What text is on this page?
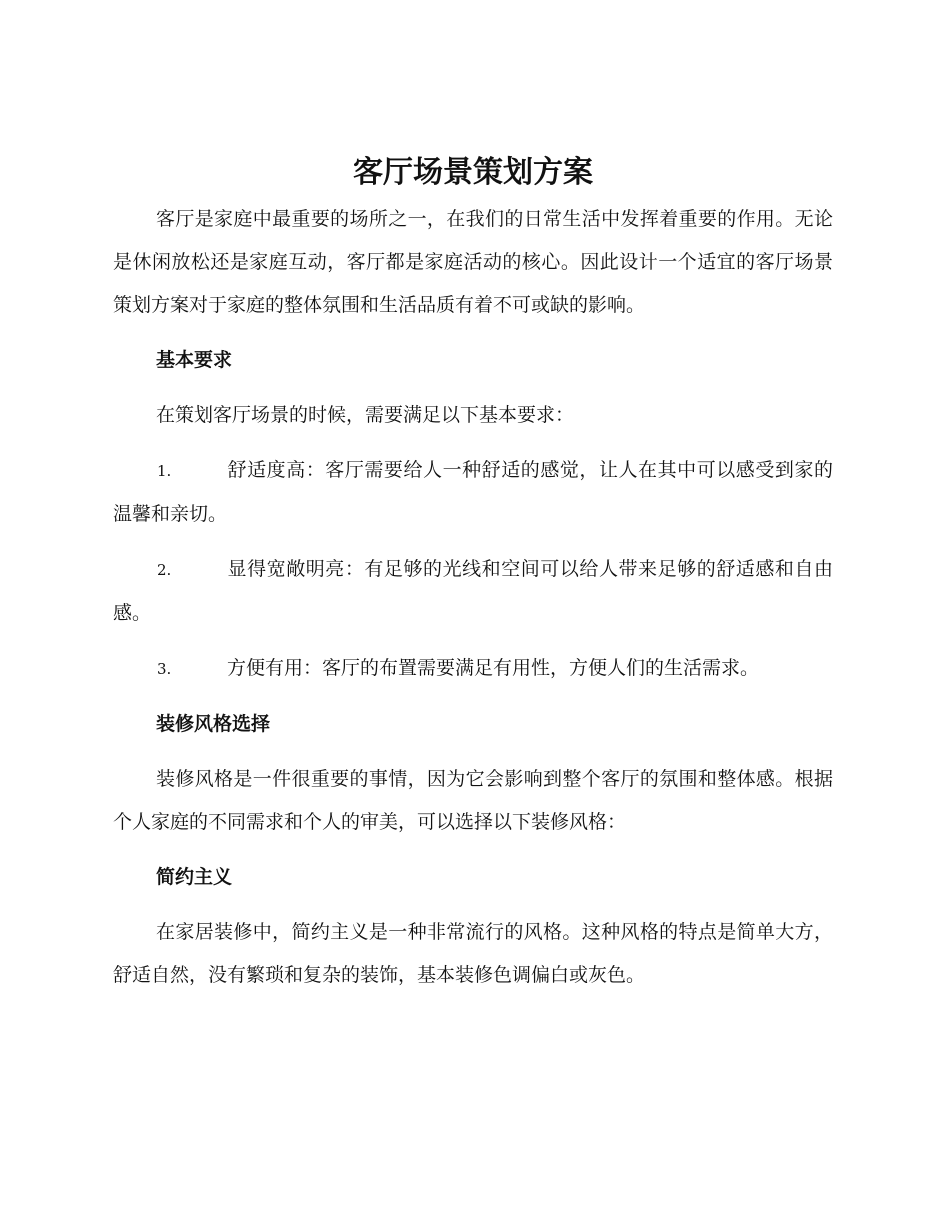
客厅场景策划方案

客厅是家庭中最重要的场所之一，在我们的日常生活中发挥着重要的作用。无论是休闲放松还是家庭互动，客厅都是家庭活动的核心。因此设计一个适宜的客厅场景策划方案对于家庭的整体氛围和生活品质有着不可或缺的影响。

基本要求

在策划客厅场景的时候，需要满足以下基本要求：

1.	舒适度高：客厅需要给人一种舒适的感觉，让人在其中可以感受到家的温馨和亲切。

2.	显得宽敞明亮：有足够的光线和空间可以给人带来足够的舒适感和自由感。

3.	方便有用：客厅的布置需要满足有用性，方便人们的生活需求。

装修风格选择

装修风格是一件很重要的事情，因为它会影响到整个客厅的氛围和整体感。根据个人家庭的不同需求和个人的审美，可以选择以下装修风格：

简约主义

在家居装修中，简约主义是一种非常流行的风格。这种风格的特点是简单大方，舒适自然，没有繁琐和复杂的装饰，基本装修色调偏白或灰色。
